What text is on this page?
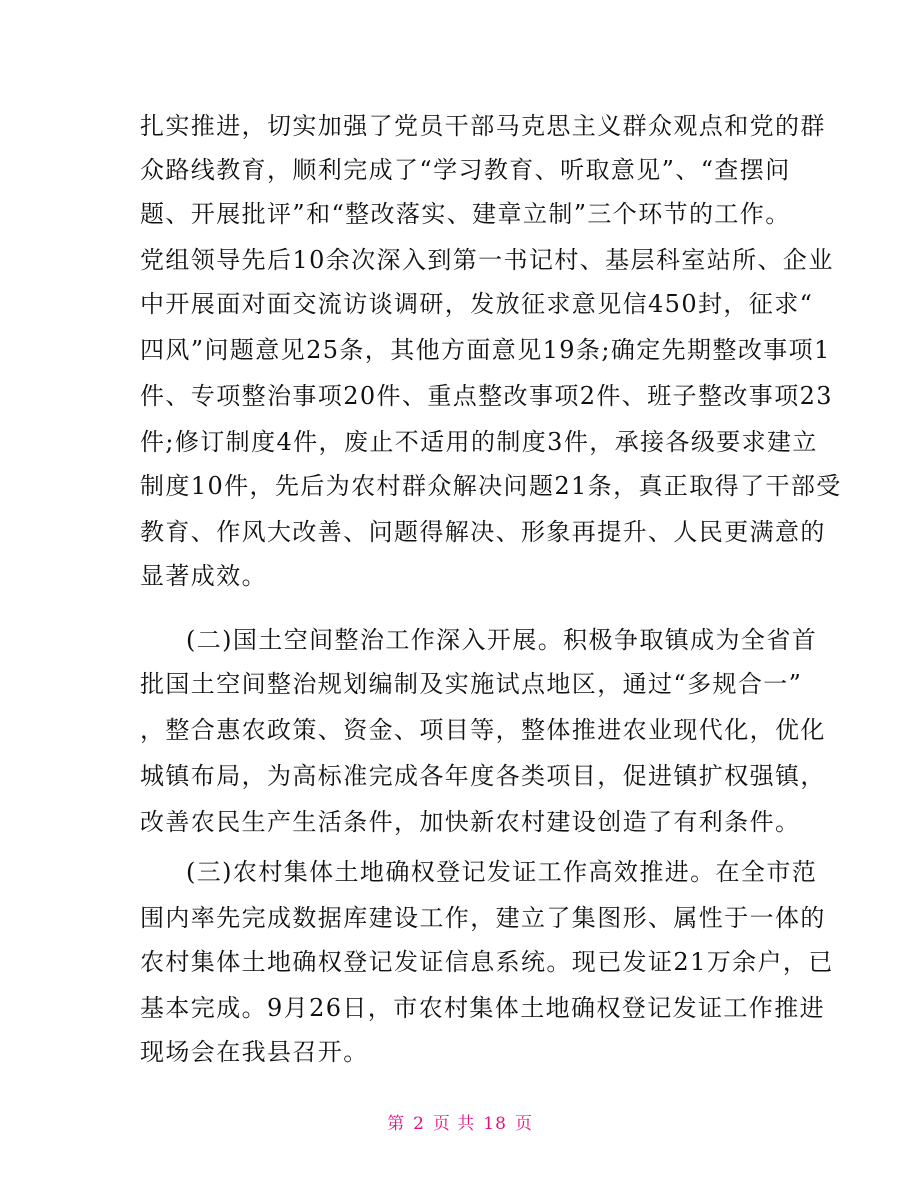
扎实推进，切实加强了党员干部马克思主义群众观点和党的群
众路线教育，顺利完成了“学习教育、听取意见”、“查摆问
题、开展批评”和“整改落实、建章立制”三个环节的工作。
党组领导先后10余次深入到第一书记村、基层科室站所、企业
中开展面对面交流访谈调研，发放征求意见信450封，征求“
四风”问题意见25条，其他方面意见19条;确定先期整改事项1
件、专项整治事项20件、重点整改事项2件、班子整改事项23
件;修订制度4件，废止不适用的制度3件，承接各级要求建立
制度10件，先后为农村群众解决问题21条，真正取得了干部受
教育、作风大改善、问题得解决、形象再提升、人民更满意的
显著成效。
(二)国土空间整治工作深入开展。积极争取镇成为全省首
批国土空间整治规划编制及实施试点地区，通过“多规合一”
，整合惠农政策、资金、项目等，整体推进农业现代化，优化
城镇布局，为高标准完成各年度各类项目，促进镇扩权强镇，
改善农民生产生活条件，加快新农村建设创造了有利条件。
(三)农村集体土地确权登记发证工作高效推进。在全市范
围内率先完成数据库建设工作，建立了集图形、属性于一体的
农村集体土地确权登记发证信息系统。现已发证21万余户，已
基本完成。9月26日，市农村集体土地确权登记发证工作推进
现场会在我县召开。
第 2 页 共 18 页
